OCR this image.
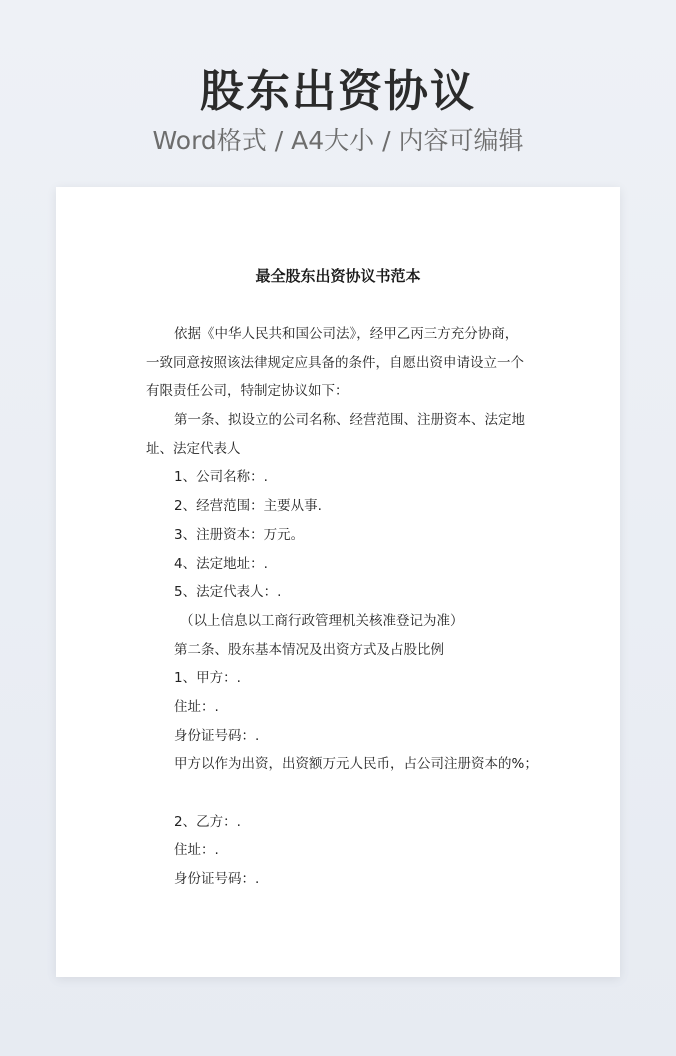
股东出资协议
Word格式 / A4大小 / 内容可编辑
最全股东出资协议书范本
依据《中华人民共和国公司法》，经甲乙丙三方充分协商，
一致同意按照该法律规定应具备的条件，自愿出资申请设立一个
有限责任公司，特制定协议如下：
第一条、拟设立的公司名称、经营范围、注册资本、法定地
址、法定代表人
1、公司名称：.
2、经营范围：主要从事.
3、注册资本：万元。
4、法定地址：.
5、法定代表人：.
（以上信息以工商行政管理机关核准登记为准）
第二条、股东基本情况及出资方式及占股比例
1、甲方：.
住址：.
身份证号码：.
甲方以作为出资，出资额万元人民币，占公司注册资本的%；
2、乙方：.
住址：.
身份证号码：.
